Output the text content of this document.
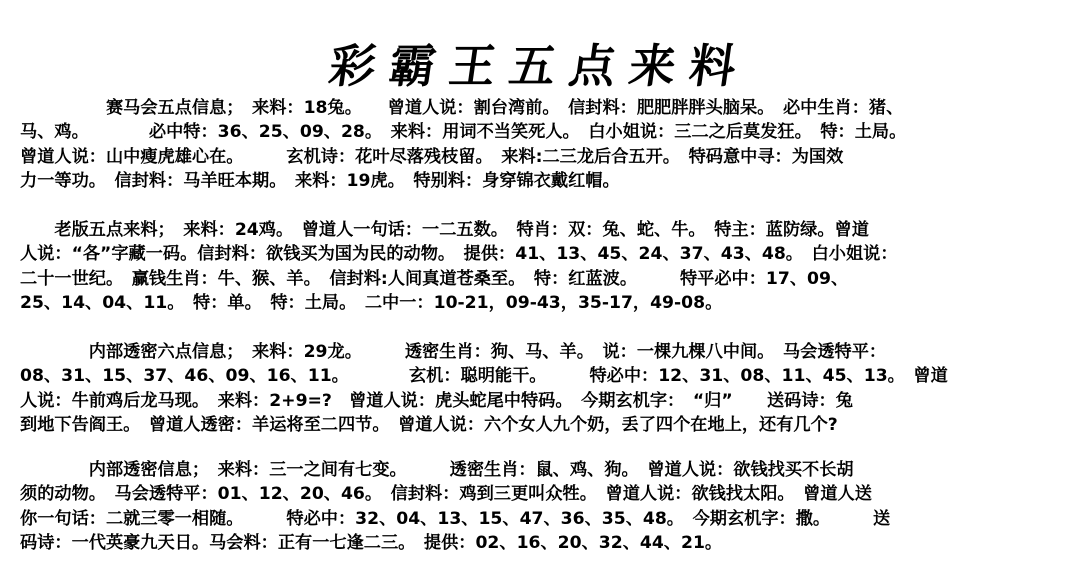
彩霸王五点来料
　　　　　赛马会五点信息；　来料：18兔。　　曾道人说：割台湾前。　信封料：肥肥胖胖头脑呆。　必中生肖：猪、
马、鸡。　　　　必中特：36、25、09、28。　来料：用词不当笑死人。　白小姐说：三二之后莫发狂。　特：土局。
曾道人说：山中瘦虎雄心在。　　　玄机诗：花叶尽落残枝留。　来料:二三龙后合五开。　特码意中寻：为国效
力一等功。　信封料：马羊旺本期。　来料：19虎。　特别料：身穿锦衣戴红帽。
　　老版五点来料；　来料：24鸡。　曾道人一句话：一二五数。　特肖：双：兔、蛇、牛。　特主：蓝防绿。曾道
人说：“各”字藏一码。信封料：欲钱买为国为民的动物。　提供：41、13、45、24、37、43、48。　白小姐说：
二十一世纪。　赢钱生肖：牛、猴、羊。　信封料:人间真道苍桑至。　特：红蓝波。　　　特平必中：17、09、
25、14、04、11。　特：单。　特：土局。　二中一：10-21，09-43，35-17，49-08。
　　　　内部透密六点信息；　来料：29龙。　　　透密生肖：狗、马、羊。　说：一棵九棵八中间。　马会透特平：
08、31、15、37、46、09、16、11。　　　　玄机：聪明能干。　　　特必中：12、31、08、11、45、13。　曾道
人说：牛前鸡后龙马现。　来料：2+9=?　曾道人说：虎头蛇尾中特码。　今期玄机字：　“归”　　送码诗：兔
到地下告阎王。　曾道人透密：羊运将至二四节。　曾道人说：六个女人九个奶，丢了四个在地上，还有几个?
　　　　内部透密信息；　来料：三一之间有七变。　　　透密生肖：鼠、鸡、狗。　曾道人说：欲钱找买不长胡
须的动物。　马会透特平：01、12、20、46。　信封料：鸡到三更叫众牲。　曾道人说：欲钱找太阳。　曾道人送
你一句话：二就三零一相随。　　　特必中：32、04、13、15、47、36、35、48。　今期玄机字：撒。　　　送
码诗：一代英豪九天日。马会料：正有一七逢二三。　提供：02、16、20、32、44、21。
